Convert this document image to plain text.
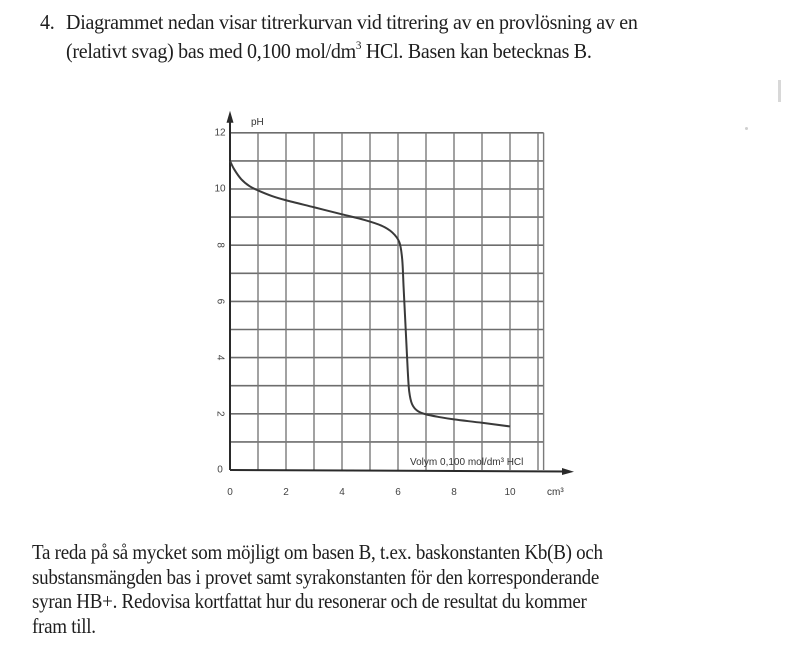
4. Diagrammet nedan visar titrerkurvan vid titrering av en provlösning av en
(relativt svag) bas med 0,100 mol/$dm^3$ HCl. Basen kan betecknas B.
0
2
4
6
8
10
12
0	2	4	6	8	10
pH
Volym 0,100 mol/dm³ HCl
cm³
Ta reda på så mycket som möjligt om basen B, t.ex. baskonstanten Kb(B) och
substansmängden bas i provet samt syrakonstanten för den korresponderande
syran HB+. Redovisa kortfattat hur du resonerar och de resultat du kommer
fram till.
